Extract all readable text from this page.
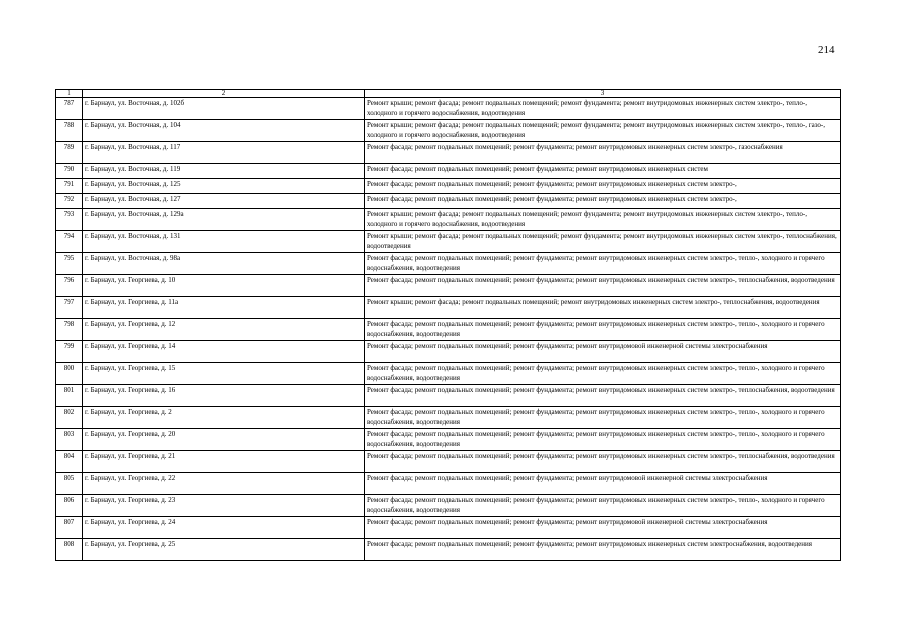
214
1	2	3
787	г. Барнаул, ул. Восточная, д. 102б	Ремонт крыши; ремонт фасада; ремонт подвальных помещений; ремонт фундамента; ремонт внутридомовых инженерных систем электро-, тепло-, холодного и горячего водоснабжения, водоотведения
788	г. Барнаул, ул. Восточная, д. 104	Ремонт крыши; ремонт фасада; ремонт подвальных помещений; ремонт фундамента; ремонт внутридомовых инженерных систем электро-, тепло-, газо-, холодного и горячего водоснабжения, водоотведения
789	г. Барнаул, ул. Восточная, д. 117	Ремонт фасада; ремонт подвальных помещений; ремонт фундамента; ремонт внутридомовых инженерных систем электро-, газоснабжения
790	г. Барнаул, ул. Восточная, д. 119	Ремонт фасада; ремонт подвальных помещений; ремонт фундамента; ремонт внутридомовых инженерных систем
791	г. Барнаул, ул. Восточная, д. 125	Ремонт фасада; ремонт подвальных помещений; ремонт фундамента; ремонт внутридомовых инженерных систем электро-,
792	г. Барнаул, ул. Восточная, д. 127	Ремонт фасада; ремонт подвальных помещений; ремонт фундамента; ремонт внутридомовых инженерных систем электро-,
793	г. Барнаул, ул. Восточная, д. 129а	Ремонт крыши; ремонт фасада; ремонт подвальных помещений; ремонт фундамента; ремонт внутридомовых инженерных систем электро-, тепло-, холодного и горячего водоснабжения, водоотведения
794	г. Барнаул, ул. Восточная, д. 131	Ремонт крыши; ремонт фасада; ремонт подвальных помещений; ремонт фундамента; ремонт внутридомовых инженерных систем электро-, теплоснабжения, водоотведения
795	г. Барнаул, ул. Восточная, д. 98а	Ремонт фасада; ремонт подвальных помещений; ремонт фундамента; ремонт внутридомовых инженерных систем электро-, тепло-, холодного и горячего водоснабжения, водоотведения
796	г. Барнаул, ул. Георгиева, д. 10	Ремонт фасада; ремонт подвальных помещений; ремонт фундамента; ремонт внутридомовых инженерных систем электро-, теплоснабжения, водоотведения
797	г. Барнаул, ул. Георгиева, д. 11а	Ремонт крыши; ремонт фасада; ремонт подвальных помещений; ремонт внутридомовых инженерных систем электро-, теплоснабжения, водоотведения
798	г. Барнаул, ул. Георгиева, д. 12	Ремонт фасада; ремонт подвальных помещений; ремонт фундамента; ремонт внутридомовых инженерных систем электро-, тепло-, холодного и горячего водоснабжения, водоотведения
799	г. Барнаул, ул. Георгиева, д. 14	Ремонт фасада; ремонт подвальных помещений; ремонт фундамента; ремонт внутридомовой инженерной системы электроснабжения
800	г. Барнаул, ул. Георгиева, д. 15	Ремонт фасада; ремонт подвальных помещений; ремонт фундамента; ремонт внутридомовых инженерных систем электро-, тепло-, холодного и горячего водоснабжения, водоотведения
801	г. Барнаул, ул. Георгиева, д. 16	Ремонт фасада; ремонт подвальных помещений; ремонт фундамента; ремонт внутридомовых инженерных систем электро-, теплоснабжения, водоотведения
802	г. Барнаул, ул. Георгиева, д. 2	Ремонт фасада; ремонт подвальных помещений; ремонт фундамента; ремонт внутридомовых инженерных систем электро-, тепло-, холодного и горячего водоснабжения, водоотведения
803	г. Барнаул, ул. Георгиева, д. 20	Ремонт фасада; ремонт подвальных помещений; ремонт фундамента; ремонт внутридомовых инженерных систем электро-, тепло-, холодного и горячего водоснабжения, водоотведения
804	г. Барнаул, ул. Георгиева, д. 21	Ремонт фасада; ремонт подвальных помещений; ремонт фундамента; ремонт внутридомовых инженерных систем электро-, теплоснабжения, водоотведения
805	г. Барнаул, ул. Георгиева, д. 22	Ремонт фасада; ремонт подвальных помещений; ремонт фундамента; ремонт внутридомовой инженерной системы электроснабжения
806	г. Барнаул, ул. Георгиева, д. 23	Ремонт фасада; ремонт подвальных помещений; ремонт фундамента; ремонт внутридомовых инженерных систем электро-, тепло-, холодного и горячего водоснабжения, водоотведения
807	г. Барнаул, ул. Георгиева, д. 24	Ремонт фасада; ремонт подвальных помещений; ремонт фундамента; ремонт внутридомовой инженерной системы электроснабжения
808	г. Барнаул, ул. Георгиева, д. 25	Ремонт фасада; ремонт подвальных помещений; ремонт фундамента; ремонт внутридомовых инженерных систем электроснабжения, водоотведения
